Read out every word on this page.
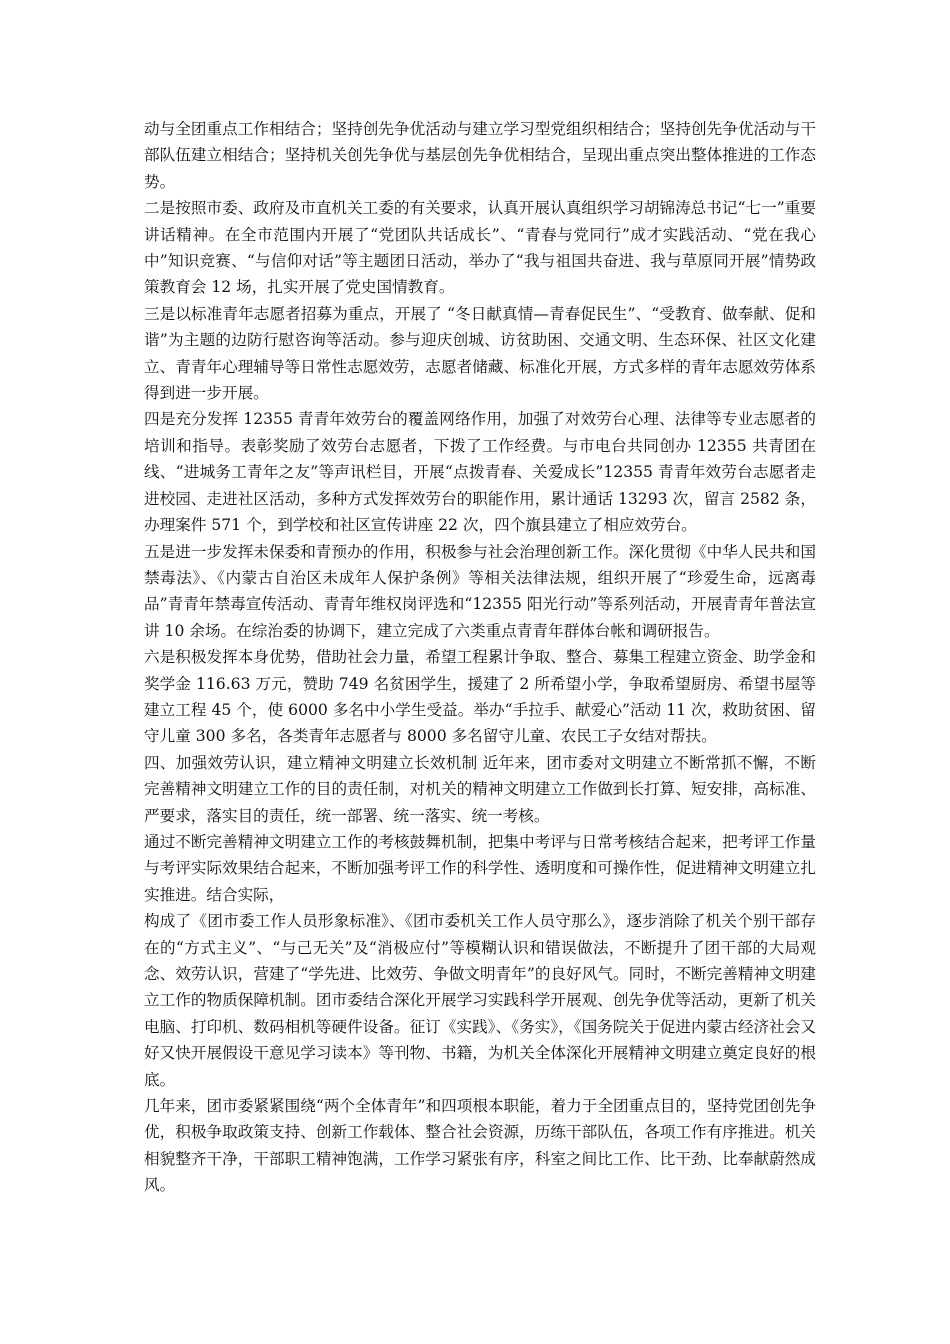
动与全团重点工作相结合；坚持创先争优活动与建立学习型党组织相结合；坚持创先争优活动与干部队伍建立相结合；坚持机关创先争优与基层创先争优相结合，呈现出重点突出整体推进的工作态势。

二是按照市委、政府及市直机关工委的有关要求，认真开展认真组织学习胡锦涛总书记“七一”重要讲话精神。在全市范围内开展了“党团队共话成长”、“青春与党同行”成才实践活动、“党在我心中”知识竞赛、“与信仰对话”等主题团日活动，举办了“我与祖国共奋进、我与草原同开展”情势政策教育会 12 场，扎实开展了党史国情教育。

三是以标准青年志愿者招募为重点，开展了 “冬日献真情—青春促民生”、“受教育、做奉献、促和谐”为主题的边防行慰咨询等活动。参与迎庆创城、访贫助困、交通文明、生态环保、社区文化建立、青青年心理辅导等日常性志愿效劳，志愿者储藏、标准化开展，方式多样的青年志愿效劳体系得到进一步开展。

四是充分发挥 12355 青青年效劳台的覆盖网络作用，加强了对效劳台心理、法律等专业志愿者的培训和指导。表彰奖励了效劳台志愿者，下拨了工作经费。与市电台共同创办 12355 共青团在线、“进城务工青年之友”等声讯栏目，开展“点拨青春、关爱成长”12355 青青年效劳台志愿者走进校园、走进社区活动，多种方式发挥效劳台的职能作用，累计通话 13293 次，留言 2582 条，办理案件 571 个，到学校和社区宣传讲座 22 次，四个旗县建立了相应效劳台。

五是进一步发挥未保委和青预办的作用，积极参与社会治理创新工作。深化贯彻《中华人民共和国禁毒法》、《内蒙古自治区未成年人保护条例》等相关法律法规，组织开展了“珍爱生命，远离毒品”青青年禁毒宣传活动、青青年维权岗评选和“12355 阳光行动”等系列活动，开展青青年普法宣讲 10 余场。在综治委的协调下，建立完成了六类重点青青年群体台帐和调研报告。

六是积极发挥本身优势，借助社会力量，希望工程累计争取、整合、募集工程建立资金、助学金和奖学金 116.63 万元，赞助 749 名贫困学生，援建了 2 所希望小学，争取希望厨房、希望书屋等建立工程 45 个，使 6000 多名中小学生受益。举办“手拉手、献爱心”活动 11 次，救助贫困、留守儿童 300 多名，各类青年志愿者与 8000 多名留守儿童、农民工子女结对帮扶。

四、加强效劳认识，建立精神文明建立长效机制 近年来，团市委对文明建立不断常抓不懈，不断完善精神文明建立工作的目的责任制，对机关的精神文明建立工作做到长打算、短安排，高标准、严要求，落实目的责任，统一部署、统一落实、统一考核。

通过不断完善精神文明建立工作的考核鼓舞机制，把集中考评与日常考核结合起来，把考评工作量与考评实际效果结合起来，不断加强考评工作的科学性、透明度和可操作性，促进精神文明建立扎实推进。结合实际，

构成了《团市委工作人员形象标准》、《团市委机关工作人员守那么》，逐步消除了机关个别干部存在的“方式主义”、“与己无关”及“消极应付”等模糊认识和错误做法，不断提升了团干部的大局观念、效劳认识，营建了“学先进、比效劳、争做文明青年”的良好风气。同时，不断完善精神文明建立工作的物质保障机制。团市委结合深化开展学习实践科学开展观、创先争优等活动，更新了机关电脑、打印机、数码相机等硬件设备。征订《实践》、《务实》，《国务院关于促进内蒙古经济社会又好又快开展假设干意见学习读本》等刊物、书籍，为机关全体深化开展精神文明建立奠定良好的根底。

几年来，团市委紧紧围绕“两个全体青年”和四项根本职能，着力于全团重点目的，坚持党团创先争优，积极争取政策支持、创新工作载体、整合社会资源，历练干部队伍，各项工作有序推进。机关相貌整齐干净，干部职工精神饱满，工作学习紧张有序，科室之间比工作、比干劲、比奉献蔚然成风。
